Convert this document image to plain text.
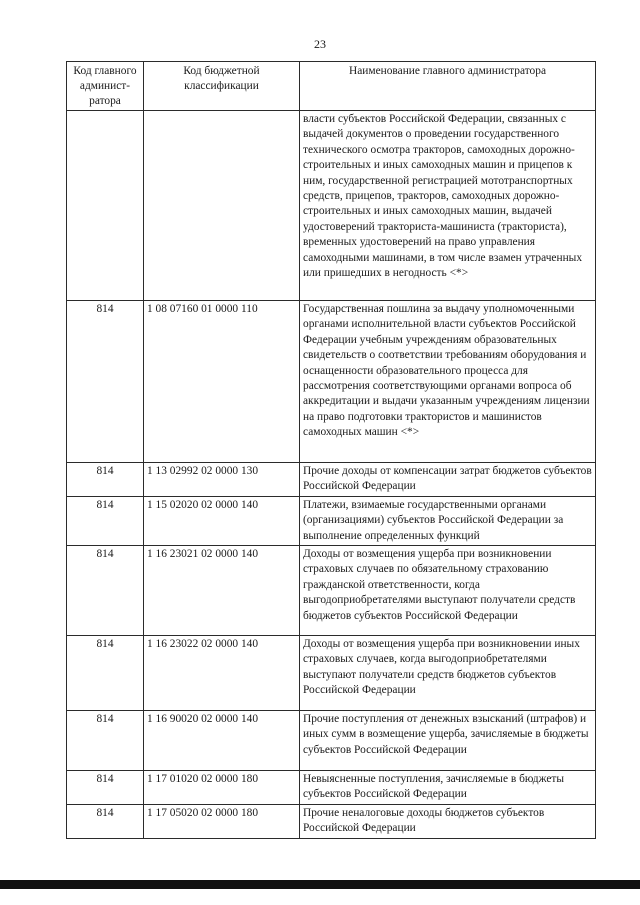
23
Код главного админист-ратора	Код бюджетной классификации	Наименование главного администратора
		власти субъектов Российской Федерации, связанных с выдачей документов о проведении государственного технического осмотра тракторов, самоходных дорожно-строительных и иных самоходных машин и прицепов к ним, государственной регистрацией мототранспортных средств, прицепов, тракторов, самоходных дорожно-строительных и иных самоходных машин, выдачей удостоверений тракториста-машиниста (тракториста), временных удостоверений на право управления самоходными машинами, в том числе взамен утраченных или пришедших в негодность <*>
814	1 08 07160 01 0000 110	Государственная пошлина за выдачу уполномоченными органами исполнительной власти субъектов Российской Федерации учебным учреждениям образовательных свидетельств о соответствии требованиям оборудования и оснащенности образовательного процесса для рассмотрения соответствующими органами вопроса об аккредитации и выдачи указанным учреждениям лицензии на право подготовки трактористов и машинистов самоходных машин <*>
814	1 13 02992 02 0000 130	Прочие доходы от компенсации затрат бюджетов субъектов Российской Федерации
814	1 15 02020 02 0000 140	Платежи, взимаемые государственными органами (организациями) субъектов Российской Федерации за выполнение определенных функций
814	1 16 23021 02 0000 140	Доходы от возмещения ущерба при возникновении страховых случаев по обязательному страхованию гражданской ответственности, когда выгодоприобретателями выступают получатели средств бюджетов субъектов Российской Федерации
814	1 16 23022 02 0000 140	Доходы от возмещения ущерба при возникновении иных страховых случаев, когда выгодоприобретателями выступают получатели средств бюджетов субъектов Российской Федерации
814	1 16 90020 02 0000 140	Прочие поступления от денежных взысканий (штрафов) и иных сумм в возмещение ущерба, зачисляемые в бюджеты субъектов Российской Федерации
814	1 17 01020 02 0000 180	Невыясненные поступления, зачисляемые в бюджеты субъектов Российской Федерации
814	1 17 05020 02 0000 180	Прочие неналоговые доходы бюджетов субъектов Российской Федерации
